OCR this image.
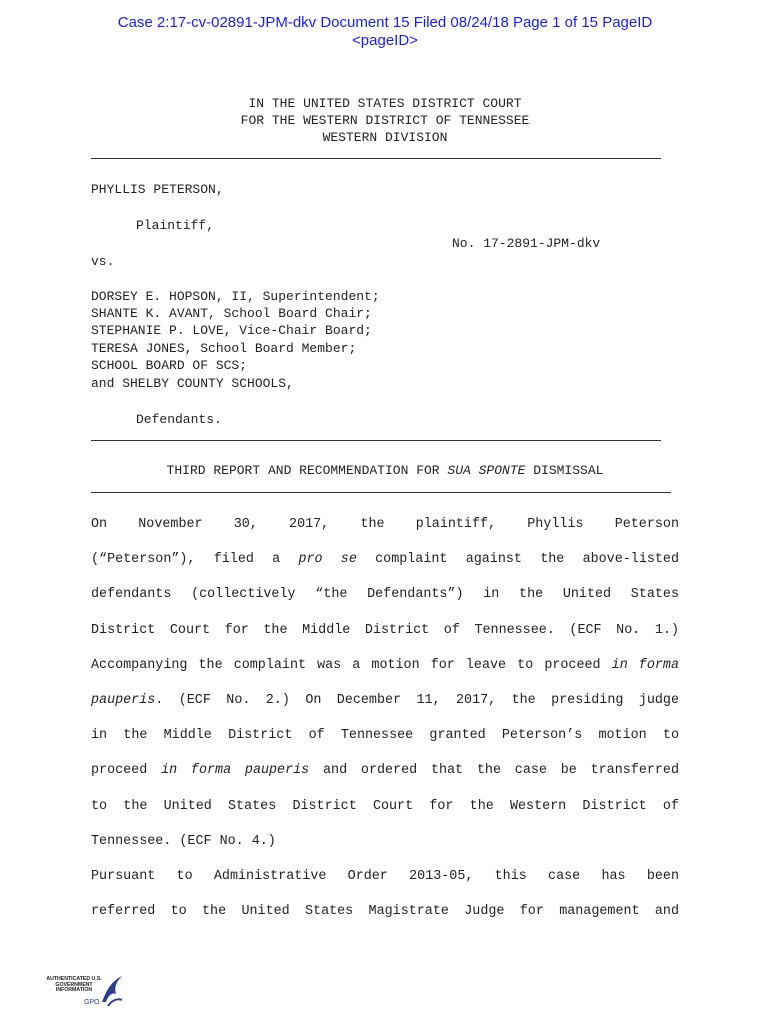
Case 2:17-cv-02891-JPM-dkv Document 15 Filed 08/24/18 Page 1 of 15 PageID
<pageID>
IN THE UNITED STATES DISTRICT COURT
FOR THE WESTERN DISTRICT OF TENNESSEE
WESTERN DIVISION
PHYLLIS PETERSON,
Plaintiff,
No. 17-2891-JPM-dkv
vs.
DORSEY E. HOPSON, II, Superintendent;
SHANTE K. AVANT, School Board Chair;
STEPHANIE P. LOVE, Vice-Chair Board;
TERESA JONES, School Board Member;
SCHOOL BOARD OF SCS;
and SHELBY COUNTY SCHOOLS,
Defendants.
THIRD REPORT AND RECOMMENDATION FOR SUA SPONTE DISMISSAL
On November 30, 2017, the plaintiff, Phyllis Peterson
(“Peterson”), filed a pro se complaint against the above-listed
defendants (collectively “the Defendants”) in the United States
District Court for the Middle District of Tennessee. (ECF No. 1.)
Accompanying the complaint was a motion for leave to proceed in forma
pauperis. (ECF No. 2.) On December 11, 2017, the presiding judge
in the Middle District of Tennessee granted Peterson’s motion to
proceed in forma pauperis and ordered that the case be transferred
to the United States District Court for the Western District of
Tennessee. (ECF No. 4.)
Pursuant to Administrative Order 2013-05, this case has been
referred to the United States Magistrate Judge for management and
AUTHENTICATED U.S. GOVERNMENT INFORMATION
GPO
